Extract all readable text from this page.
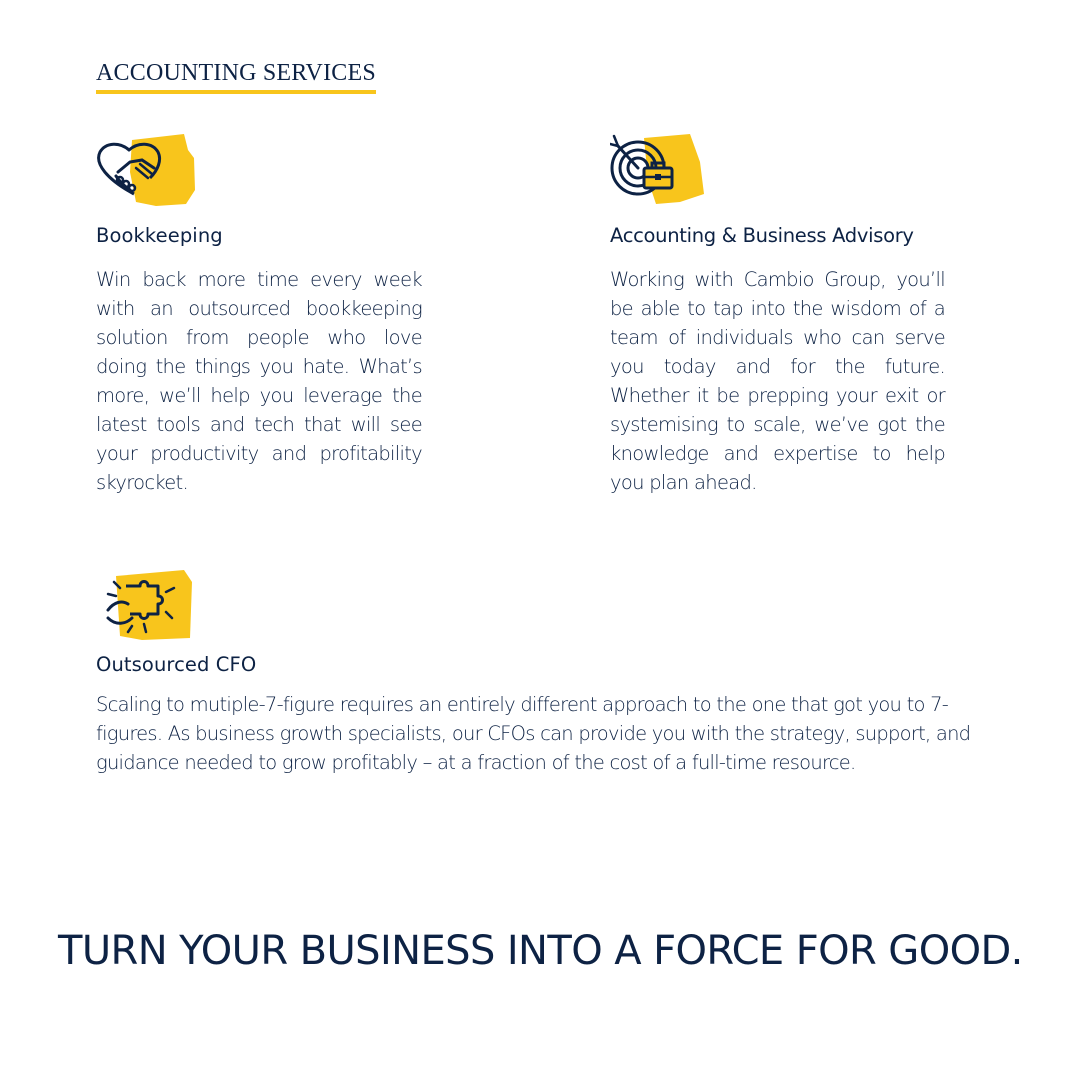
ACCOUNTING SERVICES
Bookkeeping

Win back more time every week with an outsourced bookkeeping solution from people who love doing the things you hate. What’s more, we’ll help you leverage the latest tools and tech that will see your productivity and profitability skyrocket.

Accounting & Business Advisory

Working with Cambio Group, you’ll be able to tap into the wisdom of a team of individuals who can serve you today and for the future. Whether it be prepping your exit or systemising to scale, we’ve got the knowledge and expertise to help you plan ahead.

Outsourced CFO

Scaling to mutiple-7-figure requires an entirely different approach to the one that got you to 7-figures. As business growth specialists, our CFOs can provide you with the strategy, support, and guidance needed to grow profitably – at a fraction of the cost of a full-time resource.

TURN YOUR BUSINESS INTO A FORCE FOR
GOOD.
